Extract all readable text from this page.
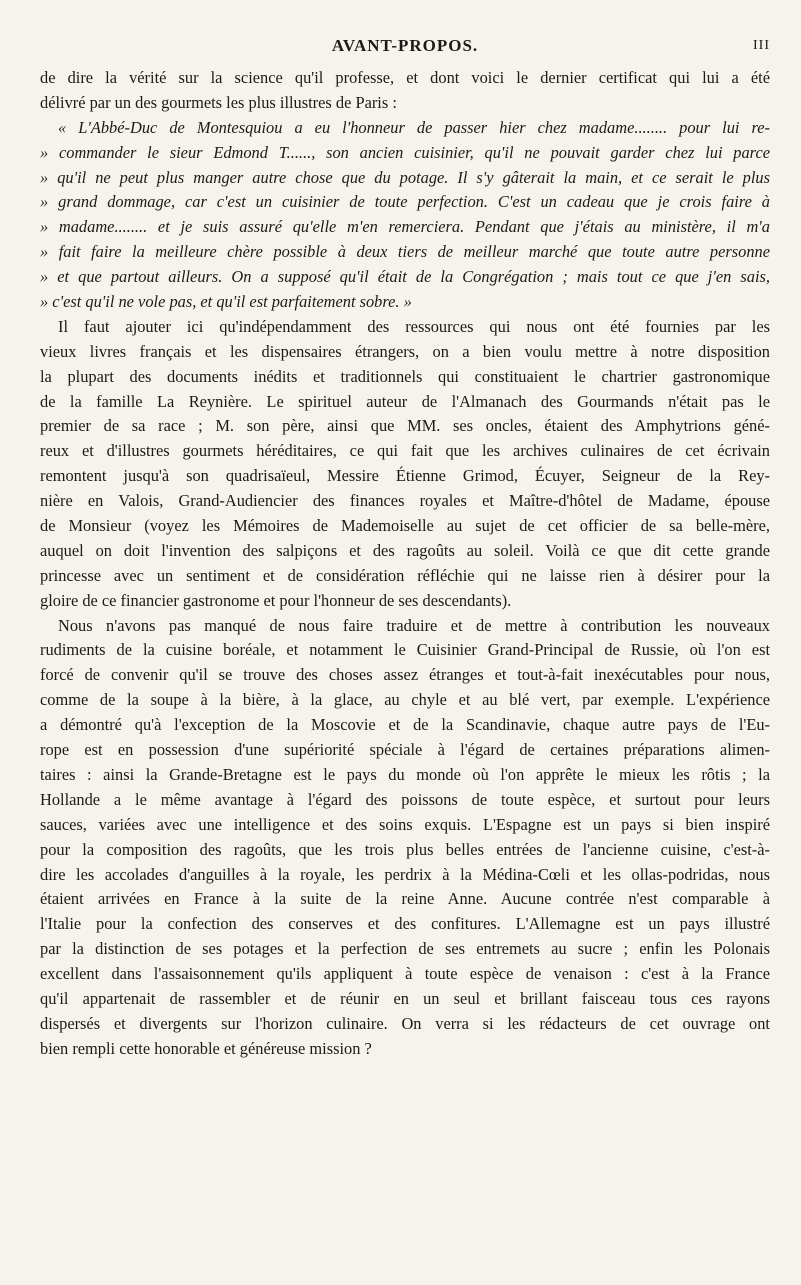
AVANT-PROPOS.	III
de dire la vérité sur la science qu'il professe, et dont voici le dernier certificat qui lui a été
délivré par un des gourmets les plus illustres de Paris :
« L'Abbé-Duc de Montesquiou a eu l'honneur de passer hier chez madame........ pour lui re-
» commander le sieur Edmond T......, son ancien cuisinier, qu'il ne pouvait garder chez lui parce
» qu'il ne peut plus manger autre chose que du potage. Il s'y gâterait la main, et ce serait le plus
» grand dommage, car c'est un cuisinier de toute perfection. C'est un cadeau que je crois faire à
» madame........ et je suis assuré qu'elle m'en remerciera. Pendant que j'étais au ministère, il m'a
» fait faire la meilleure chère possible à deux tiers de meilleur marché que toute autre personne
» et que partout ailleurs. On a supposé qu'il était de la Congrégation ; mais tout ce que j'en sais,
» c'est qu'il ne vole pas, et qu'il est parfaitement sobre. »
Il faut ajouter ici qu'indépendamment des ressources qui nous ont été fournies par les
vieux livres français et les dispensaires étrangers, on a bien voulu mettre à notre disposition
la plupart des documents inédits et traditionnels qui constituaient le chartrier gastronomique
de la famille La Reynière. Le spirituel auteur de l'Almanach des Gourmands n'était pas le
premier de sa race ; M. son père, ainsi que MM. ses oncles, étaient des Amphytrions géné-
reux et d'illustres gourmets héréditaires, ce qui fait que les archives culinaires de cet écrivain
remontent jusqu'à son quadrisaïeul, Messire Étienne Grimod, Écuyer, Seigneur de la Rey-
nière en Valois, Grand-Audiencier des finances royales et Maître-d'hôtel de Madame, épouse
de Monsieur (voyez les Mémoires de Mademoiselle au sujet de cet officier de sa belle-mère,
auquel on doit l'invention des salpiçons et des ragoûts au soleil. Voilà ce que dit cette grande
princesse avec un sentiment et de considération réfléchie qui ne laisse rien à désirer pour la
gloire de ce financier gastronome et pour l'honneur de ses descendants).
Nous n'avons pas manqué de nous faire traduire et de mettre à contribution les nouveaux
rudiments de la cuisine boréale, et notamment le Cuisinier Grand-Principal de Russie, où l'on est
forcé de convenir qu'il se trouve des choses assez étranges et tout-à-fait inexécutables pour nous,
comme de la soupe à la bière, à la glace, au chyle et au blé vert, par exemple. L'expérience
a démontré qu'à l'exception de la Moscovie et de la Scandinavie, chaque autre pays de l'Eu-
rope est en possession d'une supériorité spéciale à l'égard de certaines préparations alimen-
taires : ainsi la Grande-Bretagne est le pays du monde où l'on apprête le mieux les rôtis ; la
Hollande a le même avantage à l'égard des poissons de toute espèce, et surtout pour leurs
sauces, variées avec une intelligence et des soins exquis. L'Espagne est un pays si bien inspiré
pour la composition des ragoûts, que les trois plus belles entrées de l'ancienne cuisine, c'est-à-
dire les accolades d'anguilles à la royale, les perdrix à la Médina-Cœli et les ollas-podridas, nous
étaient arrivées en France à la suite de la reine Anne. Aucune contrée n'est comparable à
l'Italie pour la confection des conserves et des confitures. L'Allemagne est un pays illustré
par la distinction de ses potages et la perfection de ses entremets au sucre ; enfin les Polonais
excellent dans l'assaisonnement qu'ils appliquent à toute espèce de venaison : c'est à la France
qu'il appartenait de rassembler et de réunir en un seul et brillant faisceau tous ces rayons
dispersés et divergents sur l'horizon culinaire. On verra si les rédacteurs de cet ouvrage ont
bien rempli cette honorable et généreuse mission ?
